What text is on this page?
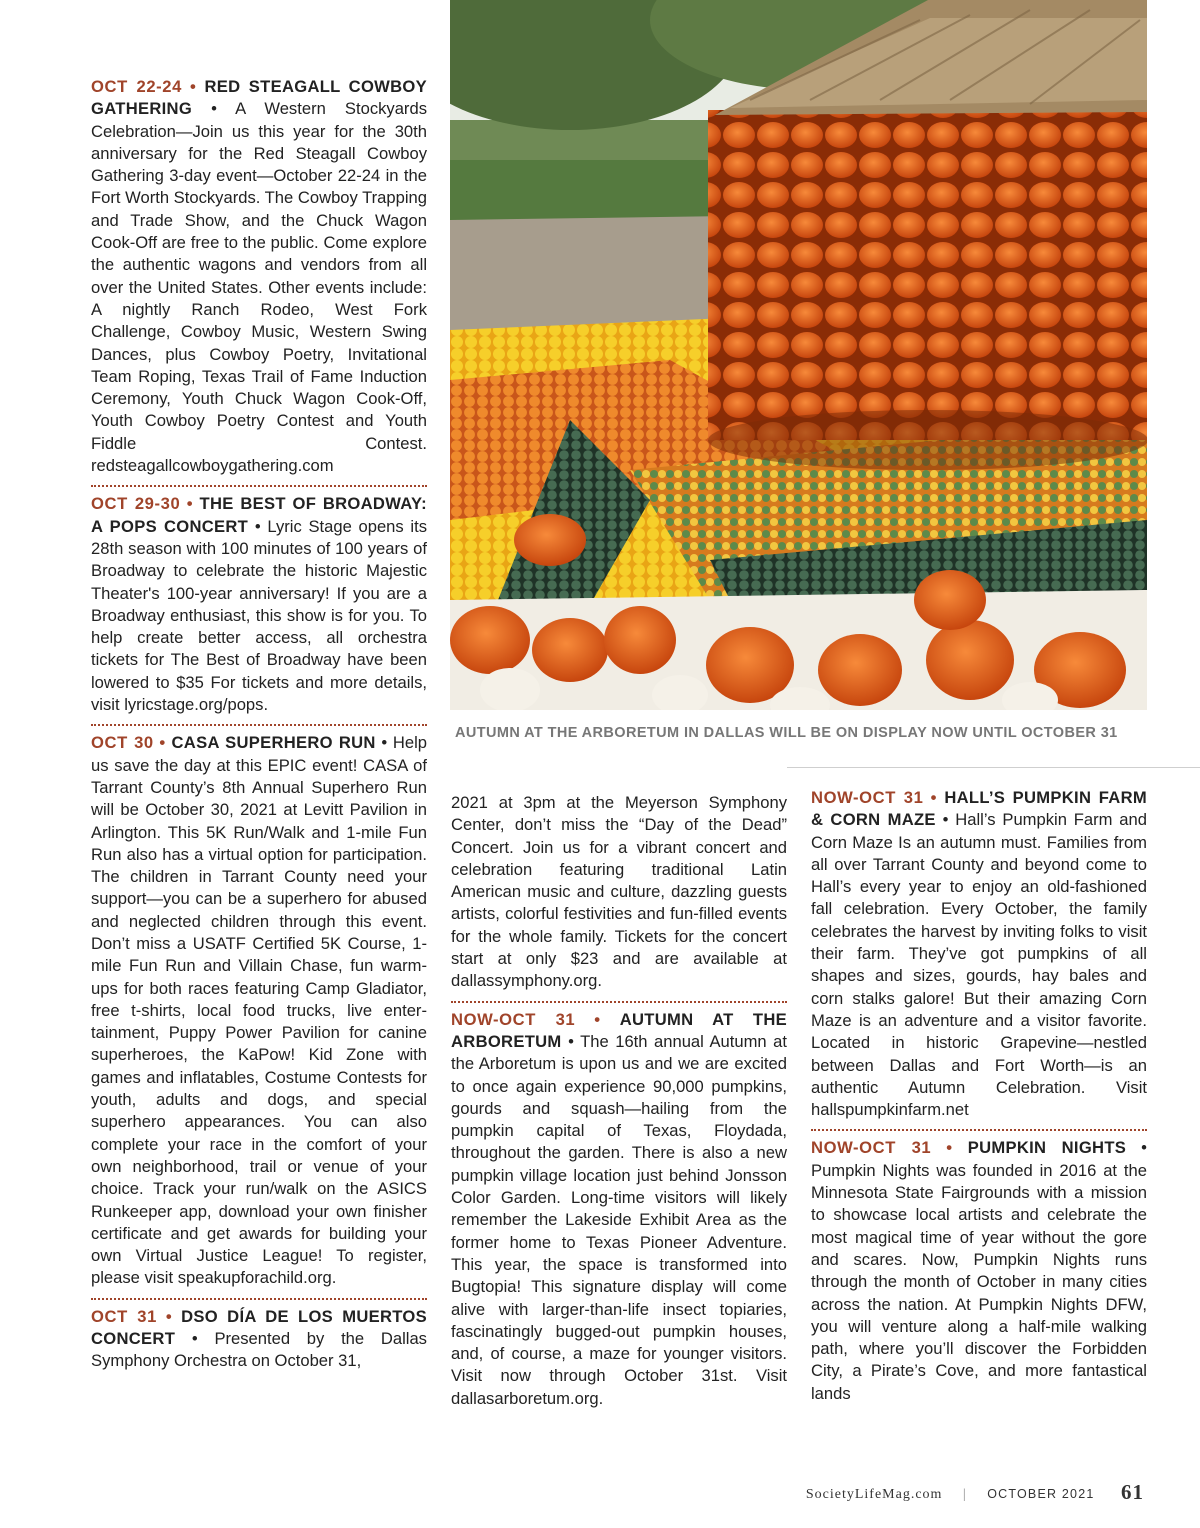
OCT 22-24 • RED STEAGALL COWBOY GATHERING • A Western Stockyards Celebration—Join us this year for the 30th anniversary for the Red Steagall Cowboy Gathering 3-day event—October 22-24 in the Fort Worth Stockyards. The Cowboy Trapping and Trade Show, and the Chuck Wagon Cook-Off are free to the public. Come explore the authentic wagons and vendors from all over the United States. Other events include: A nightly Ranch Rodeo, West Fork Challenge, Cowboy Music, Western Swing Dances, plus Cowboy Poetry, Invitational Team Roping, Texas Trail of Fame Induction Ceremony, Youth Chuck Wagon Cook-Off, Youth Cowboy Poetry Contest and Youth Fiddle Contest. redsteagallcowboygathering.com

OCT 29-30 • THE BEST OF BROADWAY: A POPS CONCERT • Lyric Stage opens its 28th season with 100 minutes of 100 years of Broadway to celebrate the historic Majestic Theater's 100-year anniversary! If you are a Broadway enthusiast, this show is for you. To help create better access, all orchestra tickets for The Best of Broadway have been lowered to $35 For tickets and more details, visit lyricstage.org/pops.

OCT 30 • CASA SUPERHERO RUN • Help us save the day at this EPIC event! CASA of Tarrant County’s 8th Annual Superhero Run will be October 30, 2021 at Levitt Pavilion in Arlington. This 5K Run/Walk and 1-mile Fun Run also has a virtual option for participation. The children in Tarrant County need your support—you can be a superhero for abused and neglected children through this event. Don’t miss a USATF Certified 5K Course, 1-mile Fun Run and Villain Chase, fun warm-ups for both races featuring Camp Gladiator, free t-shirts, local food trucks, live entertainment, Puppy Power Pavilion for canine superheroes, the KaPow! Kid Zone with games and inflatables, Costume Contests for youth, adults and dogs, and special superhero appearances. You can also complete your race in the comfort of your own neighborhood, trail or venue of your choice. Track your run/walk on the ASICS Runkeeper app, download your own finisher certificate and get awards for building your own Virtual Justice League! To register, please visit speakupforachild.org.

OCT 31 • DSO DÍA DE LOS MUERTOS CONCERT • Presented by the Dallas Symphony Orchestra on October 31,

AUTUMN AT THE ARBORETUM IN DALLAS WILL BE ON DISPLAY NOW UNTIL OCTOBER 31

2021 at 3pm at the Meyerson Symphony Center, don’t miss the “Day of the Dead” Concert. Join us for a vibrant concert and celebration featuring traditional Latin American music and culture, dazzling guests artists, colorful festivities and fun-filled events for the whole family. Tickets for the concert start at only $23 and are available at dallassymphony.org.

NOW-OCT 31 • AUTUMN AT THE ARBORETUM • The 16th annual Autumn at the Arboretum is upon us and we are excited to once again experience 90,000 pumpkins, gourds and squash—hailing from the pumpkin capital of Texas, Floydada, throughout the garden. There is also a new pumpkin village location just behind Jonsson Color Garden. Long-time visitors will likely remember the Lakeside Exhibit Area as the former home to Texas Pioneer Adventure. This year, the space is transformed into Bugtopia! This signature display will come alive with larger-than-life insect topiaries, fascinatingly bugged-out pumpkin houses, and, of course, a maze for younger visitors. Visit now through October 31st. Visit dallasarboretum.org.

NOW-OCT 31 • HALL’S PUMPKIN FARM & CORN MAZE • Hall’s Pumpkin Farm and Corn Maze Is an autumn must. Families from all over Tarrant County and beyond come to Hall’s every year to enjoy an old-fashioned fall celebration. Every October, the family celebrates the harvest by inviting folks to visit their farm. They’ve got pumpkins of all shapes and sizes, gourds, hay bales and corn stalks galore! But their amazing Corn Maze is an adventure and a visitor favorite. Located in historic Grapevine—nestled between Dallas and Fort Worth—is an authentic Autumn Celebration. Visit hallspumpkinfarm.net

NOW-OCT 31 • PUMPKIN NIGHTS • Pumpkin Nights was founded in 2016 at the Minnesota State Fairgrounds with a mission to showcase local artists and celebrate the most magical time of year without the gore and scares. Now, Pumpkin Nights runs through the month of October in many cities across the nation. At Pumpkin Nights DFW, you will venture along a half-mile walking path, where you’ll discover the Forbidden City, a Pirate’s Cove, and more fantastical lands

SocietyLifeMag.com | OCTOBER 2021 61
